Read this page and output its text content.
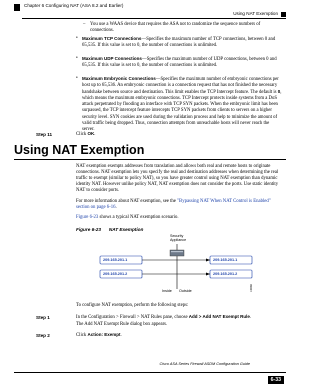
Chapter 6 Configuring NAT (ASA 8.2 and Earlier)
Using NAT Exemption
– You use a WAAS device that requires the ASA not to randomize the sequence numbers of connections.
• Maximum TCP Connections—Specifies the maximum number of TCP connections, between 0 and 65,535. If this value is set to 0, the number of connections is unlimited.
• Maximum UDP Connections—Specifies the maximum number of UDP connections, between 0 and 65,535. If this value is set to 0, the number of connections is unlimited.
• Maximum Embryonic Connections—Specifies the maximum number of embryonic connections per host up to 65,536. An embryonic connection is a connection request that has not finished the necessary handshake between source and destination. This limit enables the TCP Intercept feature. The default is 0, which means the maximum embryonic connections. TCP Intercept protects inside systems from a DoS attack perpetrated by flooding an interface with TCP SYN packets. When the embryonic limit has been surpassed, the TCP intercept feature intercepts TCP SYN packets from clients to servers on a higher security level. SYN cookies are used during the validation process and help to minimize the amount of valid traffic being dropped. Thus, connection attempts from unreachable hosts will never reach the server.
Step 11	Click OK.
Using NAT Exemption
NAT exemption exempts addresses from translation and allows both real and remote hosts to originate connections. NAT exemption lets you specify the real and destination addresses when determining the real traffic to exempt (similar to policy NAT), so you have greater control using NAT exemption than dynamic identity NAT. However unlike policy NAT, NAT exemption does not consider the ports. Use static identity NAT to consider ports.
For more information about NAT exemption, see the "Bypassing NAT When NAT Control is Enabled" section on page 6-16.
Figure 6-23 shows a typical NAT exemption scenario.
Figure 6-23 NAT Exemption
Security
Appliance
209.165.201.1
209.165.201.2
209.165.201.1
209.165.201.2
Inside Outside	130062
To configure NAT exemption, perform the following steps:
Step 1	In the Configuration > Firewall > NAT Rules pane, choose Add > Add NAT Exempt Rule.
The Add NAT Exempt Rule dialog box appears.
Step 2	Click Action: Exempt.
Cisco ASA Series Firewall ASDM Configuration Guide
6-33
